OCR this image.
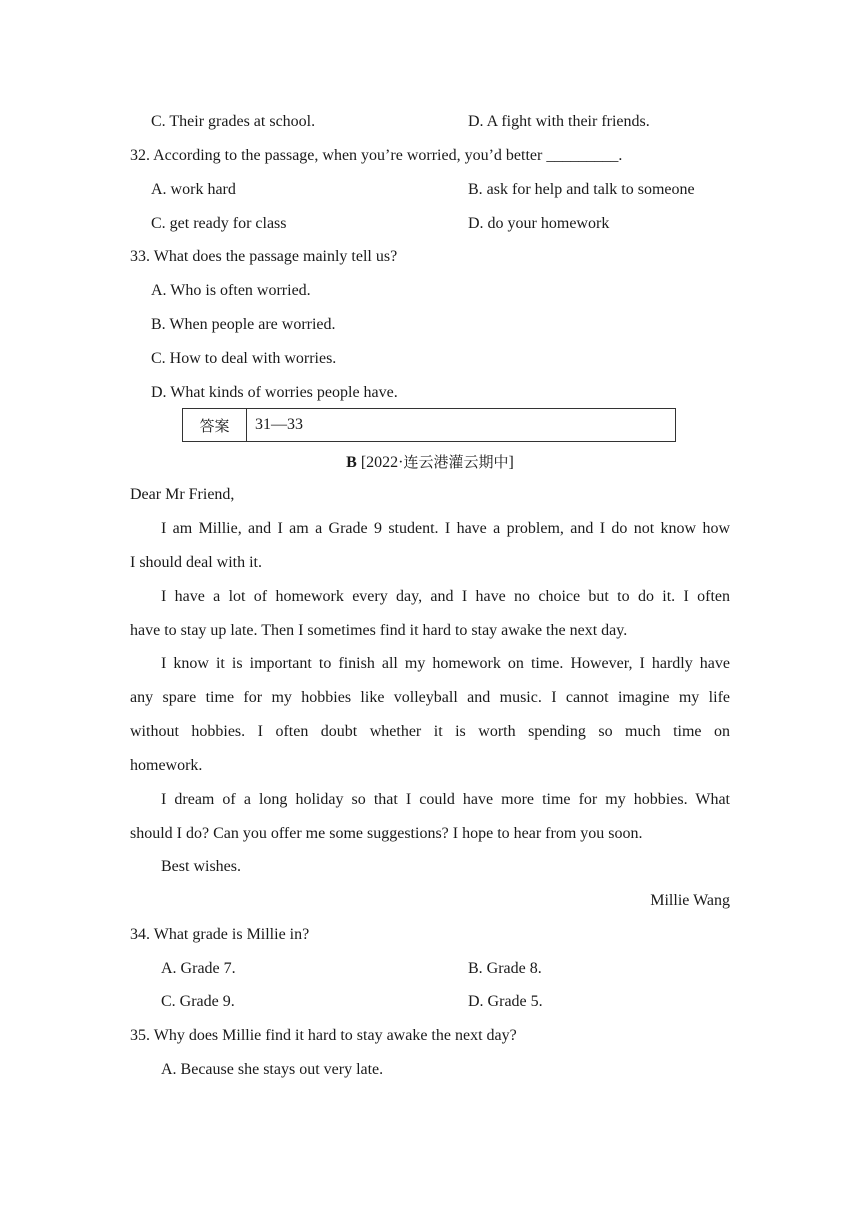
C. Their grades at school.	D. A fight with their friends.
32. According to the passage, when you’re worried, you’d better _________.
A. work hard	B. ask for help and talk to someone
C. get ready for class	D. do your homework
33. What does the passage mainly tell us?
A. Who is often worried.
B. When people are worried.
C. How to deal with worries.
D. What kinds of worries people have.
答案	31—33
B [2022·连云港灌云期中]
Dear Mr Friend,
I am Millie, and I am a Grade 9 student. I have a problem, and I do not know how
I should deal with it.
I have a lot of homework every day, and I have no choice but to do it. I often
have to stay up late. Then I sometimes find it hard to stay awake the next day.
I know it is important to finish all my homework on time. However, I hardly have
any spare time for my hobbies like volleyball and music. I cannot imagine my life
without hobbies. I often doubt whether it is worth spending so much time on
homework.
I dream of a long holiday so that I could have more time for my hobbies. What
should I do? Can you offer me some suggestions? I hope to hear from you soon.
Best wishes.
Millie Wang
34. What grade is Millie in?
A. Grade 7.	B. Grade 8.
C. Grade 9.	D. Grade 5.
35. Why does Millie find it hard to stay awake the next day?
A. Because she stays out very late.
